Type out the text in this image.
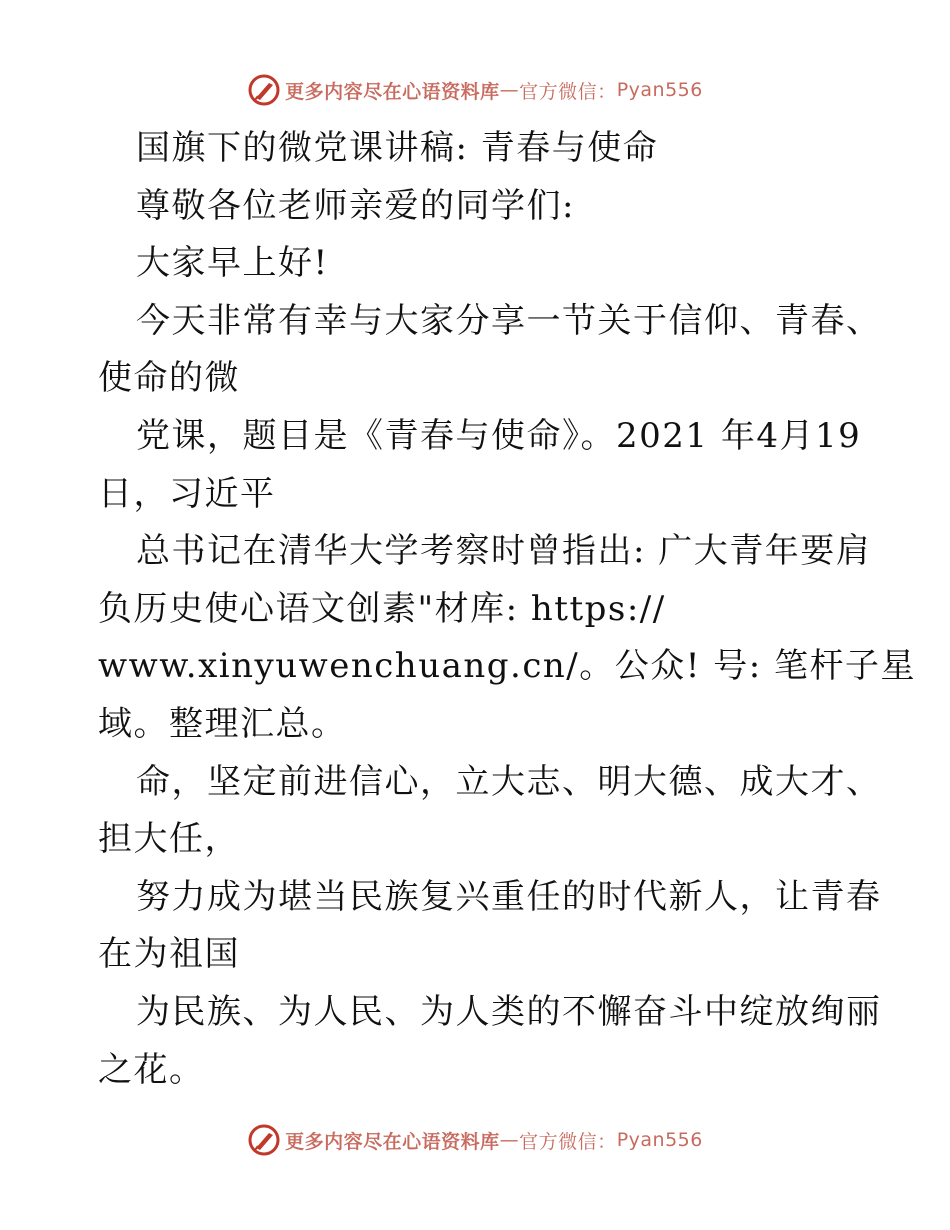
更多内容尽在心语资料库 — 官方微信： Pyan556
国旗下的微党课讲稿: 青春与使命
尊敬各位老师亲爱的同学们:
大家早上好!
今天非常有幸与大家分享一节关于信仰、青春、
使命的微
党课，题目是《青春与使命》。2021 年4月19
日，习近平
总书记在清华大学考察时曾指出: 广大青年要肩
负历史使心语文创素"材库: https://
www.xinyuwenchuang.cn/。公众! 号: 笔杆子星
域。整理汇总。
命，坚定前进信心，立大志、明大德、成大才、
担大任，
努力成为堪当民族复兴重任的时代新人，让青春
在为祖国
为民族、为人民、为人类的不懈奋斗中绽放绚丽
之花。
更多内容尽在心语资料库 — 官方微信： Pyan556
